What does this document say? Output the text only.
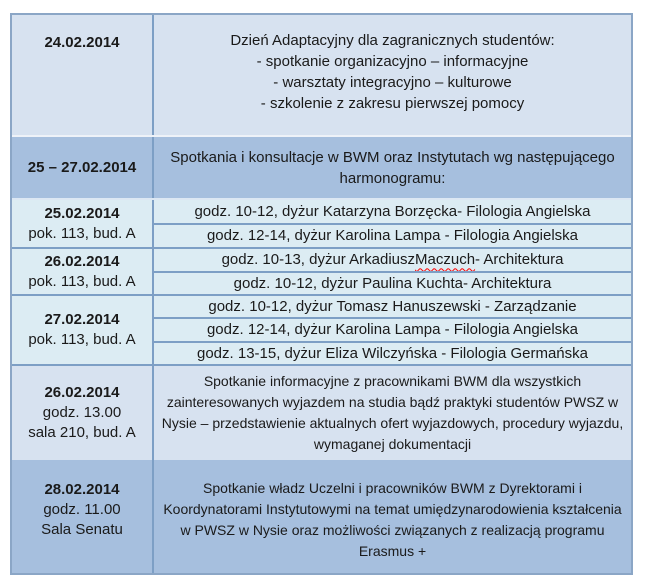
24.02.2014	Dzień Adaptacyjny dla zagranicznych studentów:
- spotkanie organizacyjno – informacyjne
- warsztaty integracyjno – kulturowe
- szkolenie z zakresu pierwszej pomocy
25 – 27.02.2014
Spotkania i konsultacje w BWM oraz Instytutach wg następującego harmonogramu:
25.02.2014
pok. 113, bud. A
godz. 10-12, dyżur Katarzyna Borzęcka- Filologia Angielska
godz. 12-14, dyżur Karolina Lampa - Filologia Angielska
26.02.2014
pok. 113, bud. A
godz. 10-13, dyżur Arkadiusz Maczuch - Architektura
godz. 10-12, dyżur Paulina Kuchta- Architektura
27.02.2014
pok. 113, bud. A
godz. 10-12, dyżur Tomasz Hanuszewski - Zarządzanie
godz. 12-14, dyżur Karolina Lampa - Filologia Angielska
godz. 13-15, dyżur Eliza Wilczyńska - Filologia Germańska
26.02.2014
godz. 13.00
sala 210, bud. A
Spotkanie informacyjne z pracownikami BWM dla wszystkich zainteresowanych wyjazdem na studia bądź praktyki studentów PWSZ w Nysie – przedstawienie aktualnych ofert wyjazdowych, procedury wyjazdu, wymaganej dokumentacji
28.02.2014
godz. 11.00
Sala Senatu
Spotkanie władz Uczelni i pracowników BWM z Dyrektorami i Koordynatorami Instytutowymi na temat umiędzynarodowienia kształcenia w PWSZ w Nysie oraz możliwości związanych z realizacją programu Erasmus +
